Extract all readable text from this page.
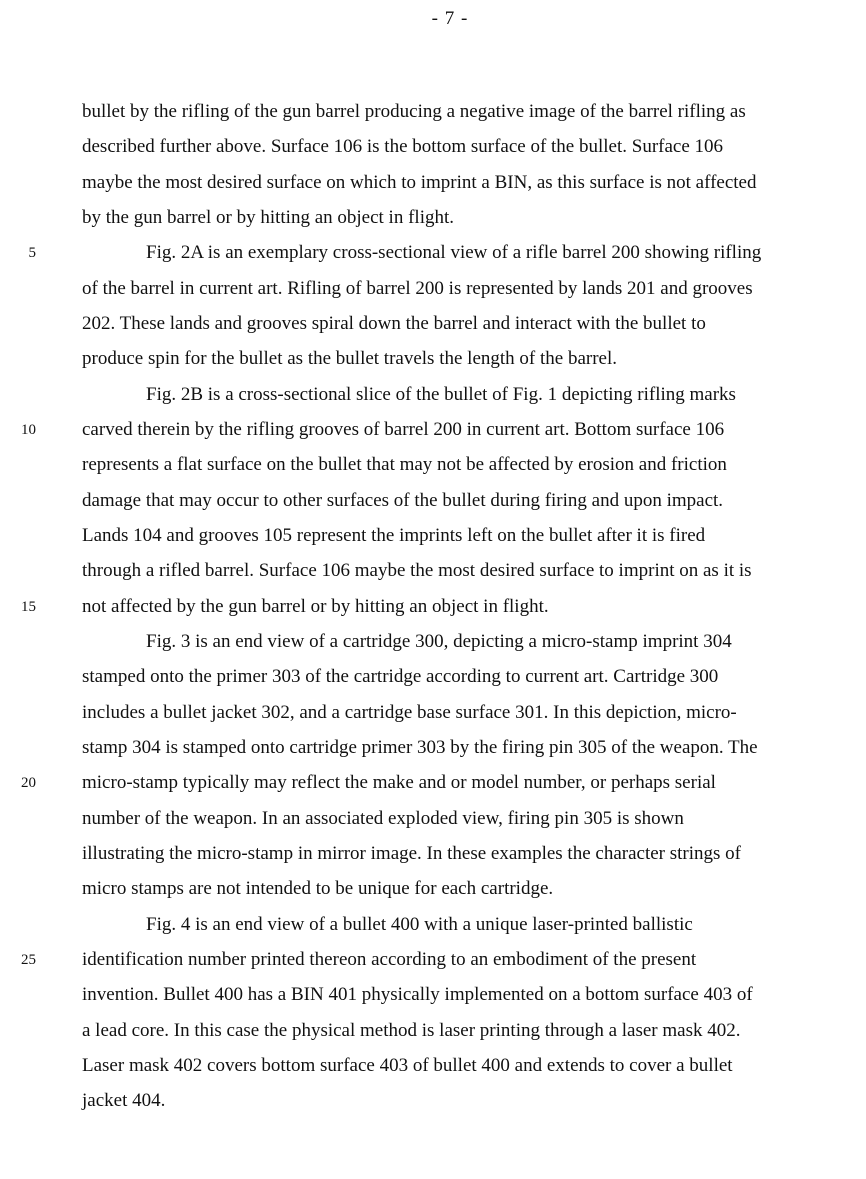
- 7 -
bullet by the rifling of the gun barrel producing a negative image of the barrel rifling as
described further above. Surface 106 is the bottom surface of the bullet. Surface 106
maybe the most desired surface on which to imprint a BIN, as this surface is not affected
by the gun barrel or by hitting an object in flight.
Fig. 2A is an exemplary cross-sectional view of a rifle barrel 200 showing rifling
of the barrel in current art. Rifling of barrel 200 is represented by lands 201 and grooves
202. These lands and grooves spiral down the barrel and interact with the bullet to
produce spin for the bullet as the bullet travels the length of the barrel.
Fig. 2B is a cross-sectional slice of the bullet of Fig. 1 depicting rifling marks
carved therein by the rifling grooves of barrel 200 in current art. Bottom surface 106
represents a flat surface on the bullet that may not be affected by erosion and friction
damage that may occur to other surfaces of the bullet during firing and upon impact.
Lands 104 and grooves 105 represent the imprints left on the bullet after it is fired
through a rifled barrel. Surface 106 maybe the most desired surface to imprint on as it is
not affected by the gun barrel or by hitting an object in flight.
Fig. 3 is an end view of a cartridge 300, depicting a micro-stamp imprint 304
stamped onto the primer 303 of the cartridge according to current art. Cartridge 300
includes a bullet jacket 302, and a cartridge base surface 301. In this depiction, micro-
stamp 304 is stamped onto cartridge primer 303 by the firing pin 305 of the weapon. The
micro-stamp typically may reflect the make and or model number, or perhaps serial
number of the weapon. In an associated exploded view, firing pin 305 is shown
illustrating the micro-stamp in mirror image. In these examples the character strings of
micro stamps are not intended to be unique for each cartridge.
Fig. 4 is an end view of a bullet 400 with a unique laser-printed ballistic
identification number printed thereon according to an embodiment of the present
invention. Bullet 400 has a BIN 401 physically implemented on a bottom surface 403 of
a lead core. In this case the physical method is laser printing through a laser mask 402.
Laser mask 402 covers bottom surface 403 of bullet 400 and extends to cover a bullet
jacket 404.
5
10
15
20
25
